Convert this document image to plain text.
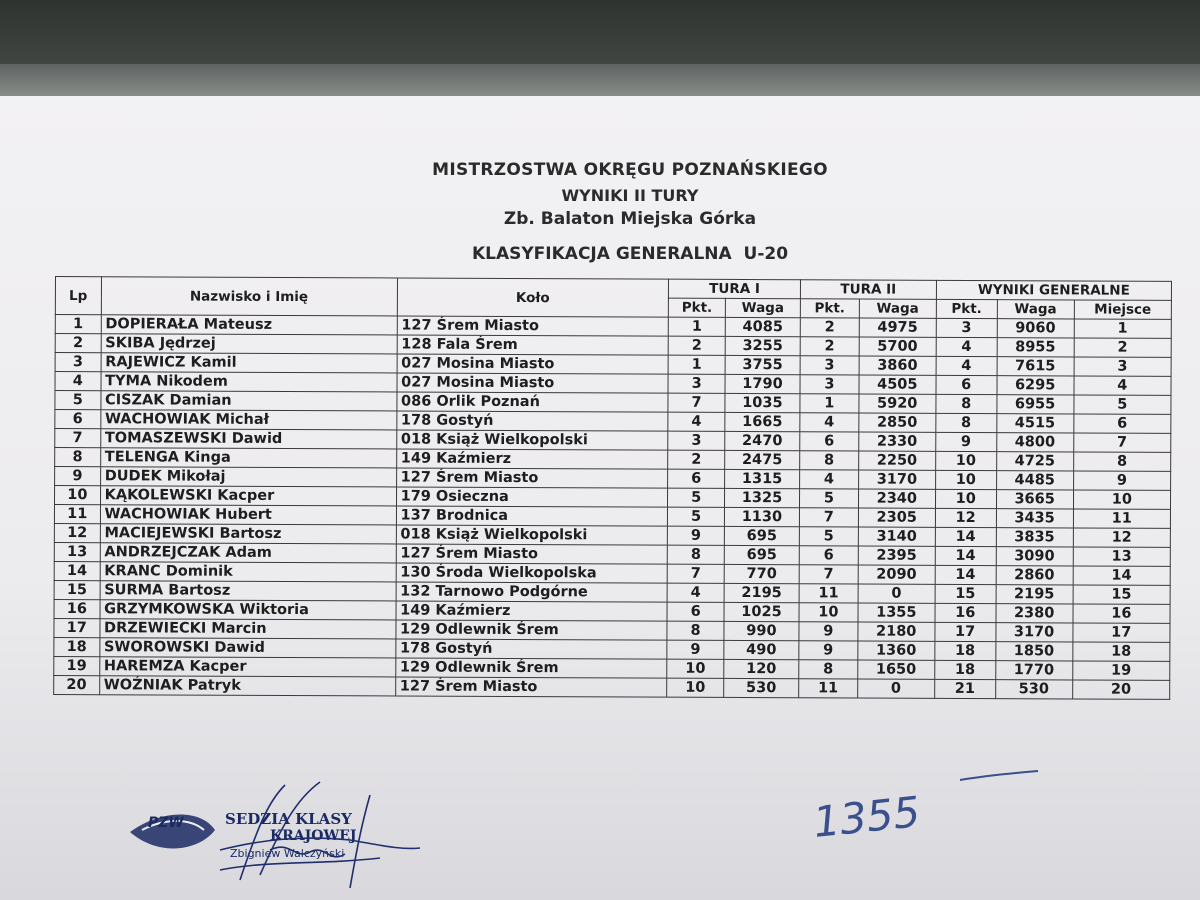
MISTRZOSTWA OKRĘGU POZNAŃSKIEGO
WYNIKI II TURY
Zb. Balaton Miejska Górka
KLASYFIKACJA GENERALNA  U-20
Lp	Nazwisko i Imię	Koło	TURA I		TURA II		WYNIKI GENERALNE		
			Pkt.	Waga	Pkt.	Waga	Pkt.	Waga	Miejsce
1	DOPIERAŁA Mateusz	127 Śrem Miasto	1	4085	2	4975	3	9060	1
2	SKIBA Jędrzej	128 Fala Śrem	2	3255	2	5700	4	8955	2
3	RAJEWICZ Kamil	027 Mosina Miasto	1	3755	3	3860	4	7615	3
4	TYMA Nikodem	027 Mosina Miasto	3	1790	3	4505	6	6295	4
5	CISZAK Damian	086 Orlik Poznań	7	1035	1	5920	8	6955	5
6	WACHOWIAK Michał	178 Gostyń	4	1665	4	2850	8	4515	6
7	TOMASZEWSKI Dawid	018 Książ Wielkopolski	3	2470	6	2330	9	4800	7
8	TELENGA Kinga	149 Kaźmierz	2	2475	8	2250	10	4725	8
9	DUDEK Mikołaj	127 Śrem Miasto	6	1315	4	3170	10	4485	9
10	KĄKOLEWSKI Kacper	179 Osieczna	5	1325	5	2340	10	3665	10
11	WACHOWIAK Hubert	137 Brodnica	5	1130	7	2305	12	3435	11
12	MACIEJEWSKI Bartosz	018 Książ Wielkopolski	9	695	5	3140	14	3835	12
13	ANDRZEJCZAK Adam	127 Śrem Miasto	8	695	6	2395	14	3090	13
14	KRANC Dominik	130 Środa Wielkopolska	7	770	7	2090	14	2860	14
15	SURMA Bartosz	132 Tarnowo Podgórne	4	2195	11	0	15	2195	15
16	GRZYMKOWSKA Wiktoria	149 Kaźmierz	6	1025	10	1355	16	2380	16
17	DRZEWIECKI Marcin	129 Odlewnik Śrem	8	990	9	2180	17	3170	17
18	SWOROWSKI Dawid	178 Gostyń	9	490	9	1360	18	1850	18
19	HAREMZA Kacper	129 Odlewnik Śrem	10	120	8	1650	18	1770	19
20	WOŹNIAK Patryk	127 Śrem Miasto	10	530	11	0	21	530	20
PZW	SEDZIA KLASY
KRAJOWEJ
Zbigniew Walczyński
1355
